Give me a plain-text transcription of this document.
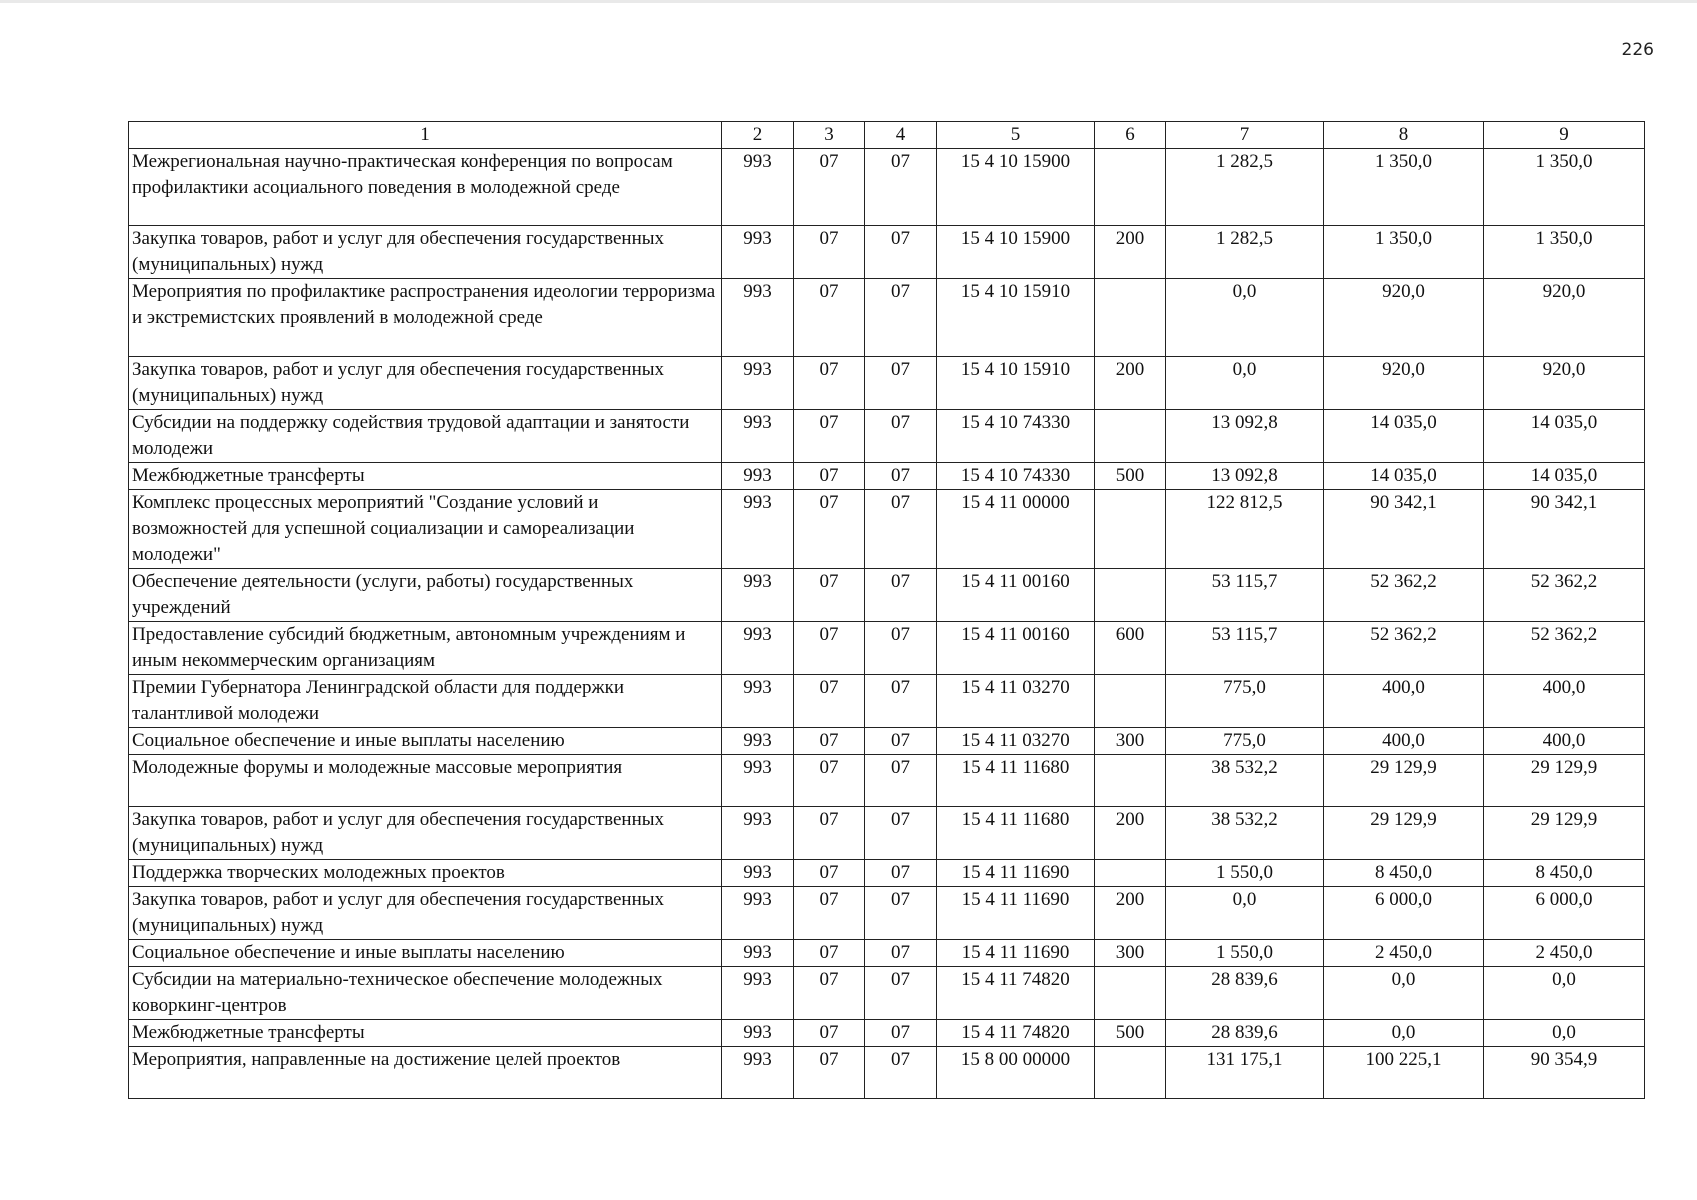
226
1	2	3	4	5	6	7	8	9
Межрегиональная научно-практическая конференция по вопросам профилактики асоциального поведения в молодежной среде	993	07	07	15 4 10 15900		1 282,5	1 350,0	1 350,0
Закупка товаров, работ и услуг для обеспечения государственных (муниципальных) нужд	993	07	07	15 4 10 15900	200	1 282,5	1 350,0	1 350,0
Мероприятия по профилактике распространения идеологии терроризма и экстремистских проявлений в молодежной среде	993	07	07	15 4 10 15910		0,0	920,0	920,0
Закупка товаров, работ и услуг для обеспечения государственных (муниципальных) нужд	993	07	07	15 4 10 15910	200	0,0	920,0	920,0
Субсидии на поддержку содействия трудовой адаптации и занятости молодежи	993	07	07	15 4 10 74330		13 092,8	14 035,0	14 035,0
Межбюджетные трансферты	993	07	07	15 4 10 74330	500	13 092,8	14 035,0	14 035,0
Комплекс процессных мероприятий "Создание условий и возможностей для успешной социализации и самореализации молодежи"	993	07	07	15 4 11 00000		122 812,5	90 342,1	90 342,1
Обеспечение деятельности (услуги, работы) государственных учреждений	993	07	07	15 4 11 00160		53 115,7	52 362,2	52 362,2
Предоставление субсидий бюджетным, автономным учреждениям и иным некоммерческим организациям	993	07	07	15 4 11 00160	600	53 115,7	52 362,2	52 362,2
Премии Губернатора Ленинградской области для поддержки талантливой молодежи	993	07	07	15 4 11 03270		775,0	400,0	400,0
Социальное обеспечение и иные выплаты населению	993	07	07	15 4 11 03270	300	775,0	400,0	400,0
Молодежные форумы и молодежные массовые мероприятия	993	07	07	15 4 11 11680		38 532,2	29 129,9	29 129,9
Закупка товаров, работ и услуг для обеспечения государственных (муниципальных) нужд	993	07	07	15 4 11 11680	200	38 532,2	29 129,9	29 129,9
Поддержка творческих молодежных проектов	993	07	07	15 4 11 11690		1 550,0	8 450,0	8 450,0
Закупка товаров, работ и услуг для обеспечения государственных (муниципальных) нужд	993	07	07	15 4 11 11690	200	0,0	6 000,0	6 000,0
Социальное обеспечение и иные выплаты населению	993	07	07	15 4 11 11690	300	1 550,0	2 450,0	2 450,0
Субсидии на материально-техническое обеспечение молодежных коворкинг-центров	993	07	07	15 4 11 74820		28 839,6	0,0	0,0
Межбюджетные трансферты	993	07	07	15 4 11 74820	500	28 839,6	0,0	0,0
Мероприятия, направленные на достижение целей проектов	993	07	07	15 8 00 00000		131 175,1	100 225,1	90 354,9
